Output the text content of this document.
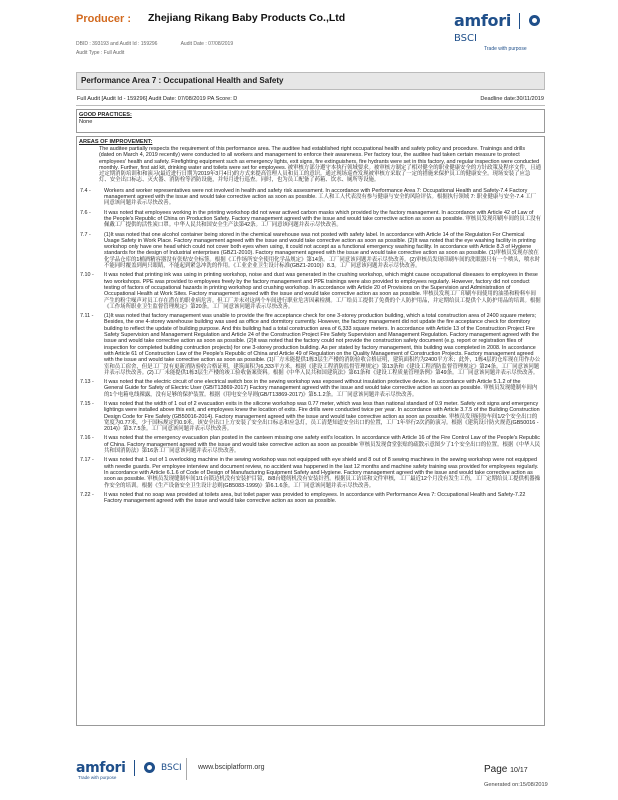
Producer : Zhejiang Rikang Baby Products Co.,Ltd
DBID : 393193 and Audit Id : 159296	Audit Date : 07/08/2019
Audit Type : Full Audit
amfori   BSCI
Trade with purpose
Performance Area 7 : Occupational Health and Safety
Full Audit [Audit Id - 159296] Audit Date: 07/08/2019 PA Score: D	Deadline date:30/11/2019
GOOD PRACTICES:
None
AREAS OF IMPROVEMENT:
The auditee partially respects the requirement of this performance area. The auditee had established right occupational health and safety policy and procedure. Trainings and drills (dated on March 4, 2019 recently) were conducted to all workers and management to enforce their awareness. Per factory tour, the auditee had taken certain measure to protect employees' health and safety. Firefighting equipment such as emergency lights, exit signs, fire extinguishers, fire hydrants were set in this factory, and regular inspection were conducted monthly. Further, first aid kit, drinking water and toilets were set for employees. 被审核方部分遵守本执行领域要求。被审核方制定了相对健全的职业健康安全的方针政策及程序文件，且通过定期消防培训和和演习(最近进行日期为2019年3月4日)的方式来提高管理人员和员工的意识。通过现场巡查发现被审核方采取了一定的措施来保护员工的健康安全。现场安装了应急灯、安全出口标志、灭火器、消防栓等消防设施，并每月进行巡查。同时，也为员工配备了药箱、饮水、厕所等设施。
7.4 -	Workers and worker representatives were not involved in health and safety risk assessment. In accordance with Performance Area 7: Occupational Health and Safety-7.4 Factory management agreed with the issue and would take corrective action as soon as possible. 工人和工人代表没有参与健康与安全的风险评估。根据执行领域 7: 职业健康与安全-7.4 工厂同意该问题并表示尽快改善。
7.6 -	It was noted that employees working in the printing workshop did not wear actived carbon masks which provided by the factory management. In accordance with Article 42 of Law of the People's Republic of China on Production Safety. Factory management agreed with the issue and would take corrective action as soon as possible. 审核员发现印刷车间的员工没有佩戴工厂提供的活性炭口罩。中华人民共和国安全生产法第42条。工厂同意该问题并表示尽快改善。
7.7 -	(1)It was noted that one alcohol container being stored in the chemical warehouse was not posted with safety label. In accordance with Article 14 of the Regulation For Chemical Usage Safety in Work Place. Factory management agreed with the issue and would take corrective action as soon as possible. (2)It was noted that the eye washing facility in printing workshop only have one head which could not cover both eyes when using, it could not accept as a functional emergency washing facility. In accordance with Article 8.3 of Hygiene standards for the design of Industrial enterprises (GBZ1-2010). Factory management agreed with the issue and would take corrective action as soon as possible. (1)审核员发现存放在化学品仓库的1桶酒精容器没有张贴安全标签。根据《工作场所安全使用化学品规定》第14条。工厂同意该问题并表示尽快改善。(2)审核员发现印刷车间的洗眼器只有一个喷头，喷水时不能同时覆盖到两只眼睛，不能起到紧急冲洗的作用。《工业企业卫生设计标准(GBZ1-2010)》8.3。工厂同意该问题并表示尽快改善。
7.10 -	It was noted that printing ink was using in printing workshop, noise and dust was generated in the crushing workshop, which might cause occupational diseases to employees in these two workshops. PPE was provided to employees freely by the factory management and PPE trainings were also provided to employees regularly. However, factory did not conduct testing of factors of occupational hazards in printing workshop and crushing workshop. In accordance with Article 20 of Provisions on the Supervision and Administration of Occupational Health at Work Sites. Factory management agreed with the issue and would take corrective action as soon as possible. 审核员发现工厂印刷车间使用的油墨和粉料车间产生的粉尘噪声对员工存在潜在的职业病危害。但工厂并未对这两个车间进行职业危害因素检测。工厂给员工提供了免费的个人防护用品，并定期给员工提供个人防护用品的培训。根据《工作场所职业卫生监督管理规定》第20条。工厂同意该问题并表示尽快改善。
7.11 -	(1)It was noted that factory management was unable to provide the fire acceptance check for one 3-storey production building, which a total construction area of 2400 square meters; Besides, the one 4-storey warehouse building was used as office and dormitory currently. However, the factory management did not update the fire acceptance check for dormitory building to reflect the update of building purpose. And this building had a total construction area of 6,333 square meters. In accordance with Article 13 of the Construction Project Fire Safety Supervision and Management Regulation and Article 24 of the Construction Project Fire Safety Supervision and Management Regulation. Factory management agreed with the issue and would take corrective action as soon as possible. (2)It was noted that the factory could not provide the construction safety document (e.g. report or registration files of inspection for completed building contruction projects) for one 3-storey production building. As per stated by factory management, this building was completed in 2008. In accordance with Article 61 of Construction Law of the People's Republic of China and Article 49 of Regulation on the Quality Management of Construction Projects. Factory management agreed with the issue and would take corrective action as soon as possible. (1)厂方未能提供1栋3层生产楼的消防验收合格证明，建筑面积约为2400平方米；此外，1栋4层的仓库现在用作办公室和员工宿舍，但是工厂没有更新消防验收合格证明，建筑面积为6,333平方米。根据《建设工程消防监督管理规定》第13条和《建设工程消防监督管理规定》第24条。工厂同意该问题并表示尽快改善。(2)工厂未能提供1栋3层生产楼的竣工验收备案资料。根据《中华人民共和国建筑法》第61条和《建设工程质量管理条例》第49条。工厂同意该问题并表示尽快改善。
7.13 -	It was noted that the electric circuit of one electrical switch box in the sewing workshop was exposed without insulation protective device. In accordance with Article 5.1.2 of the General Guide for Safety of Electric User (GB/T13869-2017) Factory management agreed with the issue and would take corrective action as soon as possible. 审核员发现缝制车间内的1个电箱电线裸露，没有足够的保护装置。根据《用电安全导则(GB/T13869-2017)》第5.1.2条。工厂同意该问题并表示尽快改善。
7.15 -	It was noted that the width of 1 out of 2 evacuation exits in the silicone workshop was 0.77 meter, which was less than national standard of 0.9 meter. Safety exit signs and emergency lightings were installed above this exit, and employees knew the location of exits. Fire drills were conducted twice per year. In accordance with Article 3.7.5 of the Building Construction Design Code for Fire Safety (GB50016-2014). Factory management agreed with the issue and would take corrective action as soon as possible. 审核员发现硅胶车间1/2个安全出口的宽度为0.77米，少于国标规定的0.9米。该安全出口上方安装了安全出口标志和应急灯，员工清楚知道安全出口的位置，工厂1年举行2次消防演习。根据《建筑设计防火规范(GB50016 - 2014)》第3.7.5条。工厂同意该问题并表示尽快改善。
7.16 -	It was noted that the emergency evacuation plan posted in the canteen missing one safety exit's location. In accordance with Article 16 of the Fire Control Law of the People's Republic of China. Factory management agreed with the issue and would take corrective action as soon as possible 审核员发现食堂张贴的疏散示意图少了1个安全出口的位置。根据《中华人民共和国消防法》第16条工厂同意该问题并表示尽快改善。
7.17 -	It was noted that 1 out of 1 overlocking machine in the sewing workshop was not equipped with eye shield and 8 out of 8 sewing machines in the sewing workshop were not equipped with needle guards. Per employee interview and document review, no accident was happened in the last 12 months and machine safety training was provided for employees regularly. In accordance with Article 6.1.6 of Code of Design of Manufacturing Equipment Safety and Hygiene. Factory management agreed with the issue and would take corrective action as soon as possible. 审核员发现缝制车间1/1台锁边机没有安装护目镜，8/8台缝纫机没有安装针挡。根据员工访谈和文件审核，工厂最近12个月没有发生工伤，工厂定期给员工提供机器操作安全的培训。根据《生产设备安全卫生设计总则(GB5083-1999)》第6.1.6条。工厂同意该问题并表示尽快改善。
7.22 -	It was noted that no soap was provided at toilets area, but toilet paper was provided to employees. In accordance with Performance Area 7: Occupational Health and Safety-7.22 Factory management agreed with the issue and would take corrective action as soon as possible.
amfori	BSCI
Trade with purpose
www.bsciplatform.org	Page 10/17
Generated on:15/08/2019
